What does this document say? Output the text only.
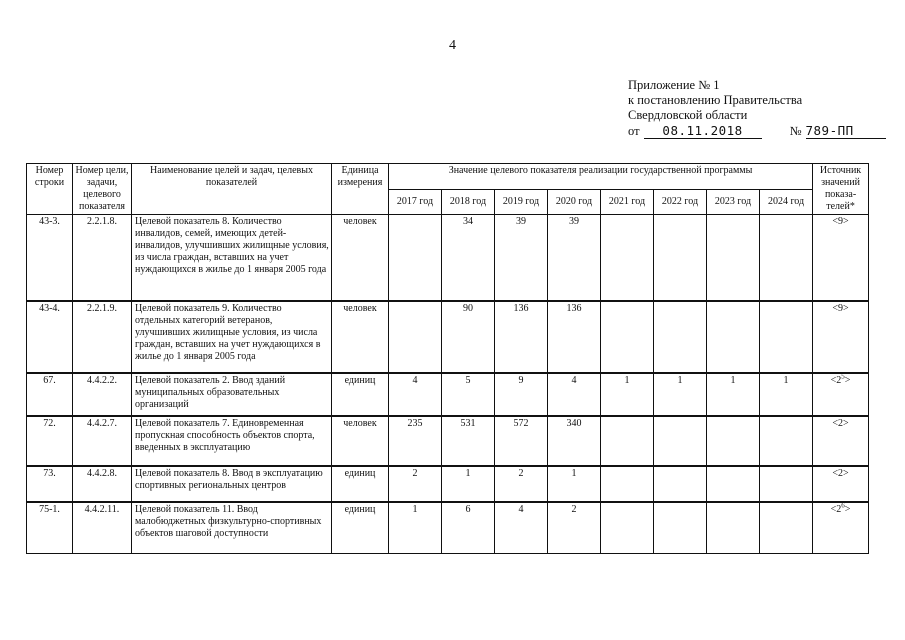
4
Приложение № 1
к постановлению Правительства
Свердловской области
от 08.11.2018	№ 789-ПП
Номер строки	Номер цели, задачи, целевого показателя	Наименование целей и задач, целевых показателей	Единица измерения	Значение целевого показателя реализации государственной программы								Источник значений показа-телей*
				2017 год	2018 год	2019 год	2020 год	2021 год	2022 год	2023 год	2024 год	
43-3.	2.2.1.8.	Целевой показатель 8. Количество инвалидов, семей, имеющих детей-инвалидов, улучшивших жилищные условия, из числа граждан, вставших на учет нуждающихся в жилье до 1 января 2005 года	человек		34	39	39					<9>
43-4.	2.2.1.9.	Целевой показатель 9. Количество отдельных категорий ветеранов, улучшивших жилищные условия, из числа граждан, вставших на учет нуждающихся в жилье до 1 января 2005 года	человек		90	136	136					<9>
67.	4.4.2.2.	Целевой показатель 2. Ввод зданий муниципальных образовательных организаций	единиц	4	5	9	4	1	1	1	1	$<2^5>$
72.	4.4.2.7.	Целевой показатель 7. Единовременная пропускная способность объектов спорта, введенных в эксплуатацию	человек	235	531	572	340					<2>
73.	4.4.2.8.	Целевой показатель 8. Ввод в эксплуатацию спортивных региональных центров	единиц	2	1	2	1					<2>
75-1.	4.4.2.11.	Целевой показатель 11. Ввод малобюджетных физкультурно-спортивных объектов шаговой доступности	единиц	1	6	4	2					$<2^6>$
